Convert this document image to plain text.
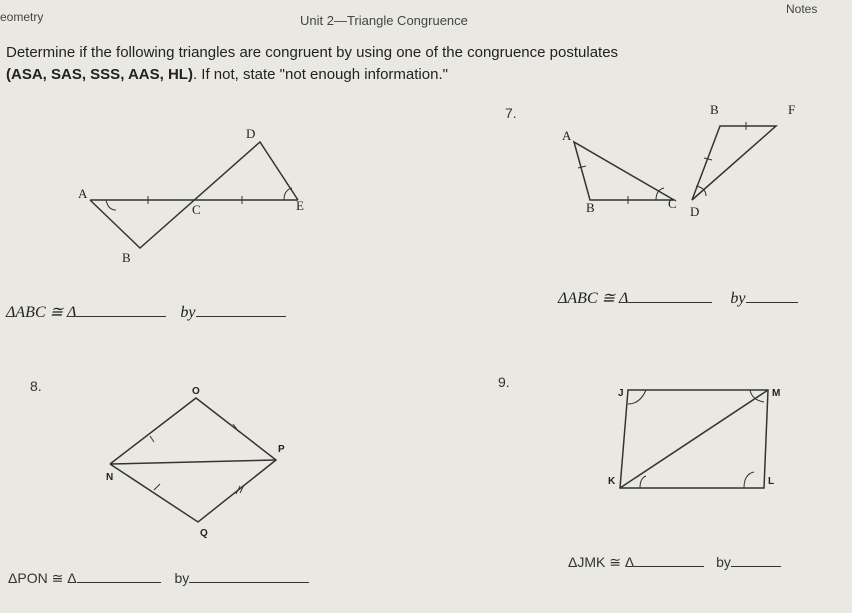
eometry	Unit 2—Triangle Congruence
Notes
Determine if the following triangles are congruent by using one of the congruence postulates
(ASA, SAS, SSS, AAS, HL). If not, state "not enough information."
D
A
C	E
B
ΔABC ≅ Δ	by
7.	B	F
A
B	C
D
ΔABC ≅ Δ	by
8.	O
P
N
Q
ΔPON ≅ Δ	by
9.
J	M
K	L
ΔJMK ≅ Δ	by
